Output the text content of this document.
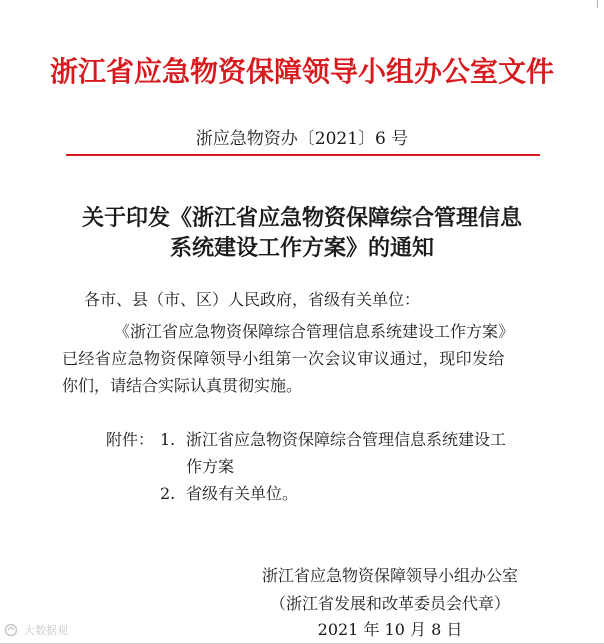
浙江省应急物资保障领导小组办公室文件
浙应急物资办〔2021〕6 号
关于印发《浙江省应急物资保障综合管理信息
系统建设工作方案》的通知
各市、县（市、区）人民政府，省级有关单位：
《浙江省应急物资保障综合管理信息系统建设工作方案》
已经省应急物资保障领导小组第一次会议审议通过，现印发给
你们，请结合实际认真贯彻实施。
附件： 1. 浙江省应急物资保障综合管理信息系统建设工
作方案
2. 省级有关单位。
浙江省应急物资保障领导小组办公室
（浙江省发展和改革委员会代章）
2021 年 10 月 8 日
大数据观
